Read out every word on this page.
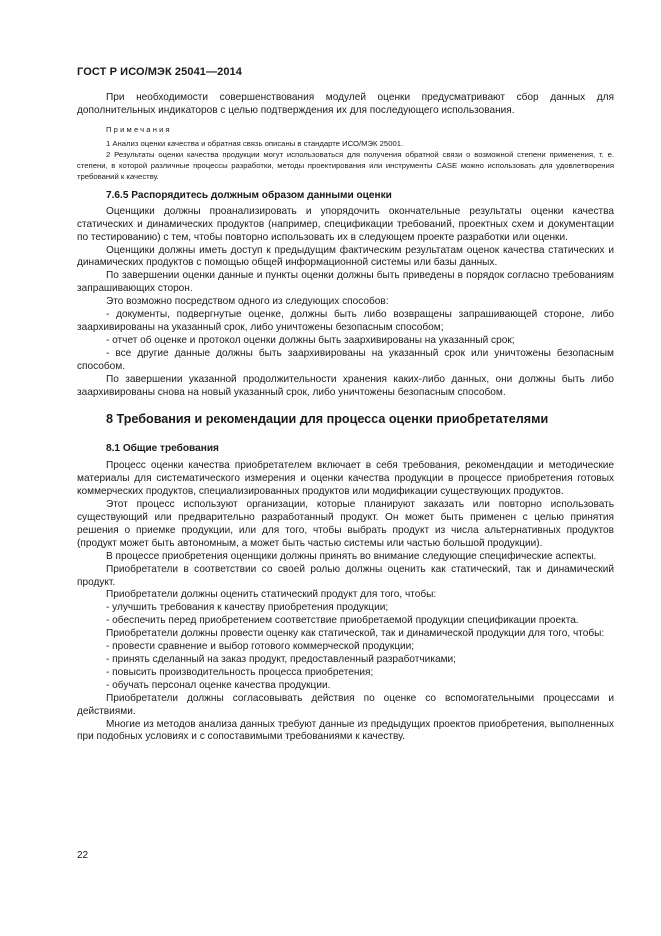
ГОСТ Р ИСО/МЭК 25041—2014

При необходимости совершенствования модулей оценки предусматривают сбор данных для дополнительных индикаторов с целью подтверждения их для последующего использования.

Примечания

1 Анализ оценки качества и обратная связь описаны в стандарте ИСО/МЭК 25001.

2 Результаты оценки качества продукции могут использоваться для получения обратной связи о возможной степени применения, т. е. степени, в которой различные процессы разработки, методы проектирования или инструменты CASE можно использовать для удовлетворения требований к качеству.

7.6.5 Распорядитесь должным образом данными оценки

Оценщики должны проанализировать и упорядочить окончательные результаты оценки качества статических и динамических продуктов (например, спецификации требований, проектных схем и документации по тестированию) с тем, чтобы повторно использовать их в следующем проекте разработки или оценки.

Оценщики должны иметь доступ к предыдущим фактическим результатам оценок качества статических и динамических продуктов с помощью общей информационной системы или базы данных.

По завершении оценки данные и пункты оценки должны быть приведены в порядок согласно требованиям запрашивающих сторон.

Это возможно посредством одного из следующих способов:

- документы, подвергнутые оценке, должны быть либо возвращены запрашивающей стороне, либо заархивированы на указанный срок, либо уничтожены безопасным способом;

- отчет об оценке и протокол оценки должны быть заархивированы на указанный срок;

- все другие данные должны быть заархивированы на указанный срок или уничтожены безопасным способом.

По завершении указанной продолжительности хранения каких-либо данных, они должны быть либо заархивированы снова на новый указанный срок, либо уничтожены безопасным способом.

8 Требования и рекомендации для процесса оценки приобретателями

8.1 Общие требования

Процесс оценки качества приобретателем включает в себя требования, рекомендации и методические материалы для систематического измерения и оценки качества продукции в процессе приобретения готовых коммерческих продуктов, специализированных продуктов или модификации существующих продуктов.

Этот процесс используют организации, которые планируют заказать или повторно использовать существующий или предварительно разработанный продукт. Он может быть применен с целью принятия решения о приемке продукции, или для того, чтобы выбрать продукт из числа альтернативных продуктов (продукт может быть автономным, а может быть частью системы или частью большой продукции).

В процессе приобретения оценщики должны принять во внимание следующие специфические аспекты.

Приобретатели в соответствии со своей ролью должны оценить как статический, так и динамический продукт.

Приобретатели должны оценить статический продукт для того, чтобы:

- улучшить требования к качеству приобретения продукции;

- обеспечить перед приобретением соответствие приобретаемой продукции спецификации проекта.

Приобретатели должны провести оценку как статической, так и динамической продукции для того, чтобы:

- провести сравнение и выбор готового коммерческой продукции;

- принять сделанный на заказ продукт, предоставленный разработчиками;

- повысить производительность процесса приобретения;

- обучать персонал оценке качества продукции.

Приобретатели должны согласовывать действия по оценке со вспомогательными процессами и действиями.

Многие из методов анализа данных требуют данные из предыдущих проектов приобретения, выполненных при подобных условиях и с сопоставимыми требованиями к качеству.

22
